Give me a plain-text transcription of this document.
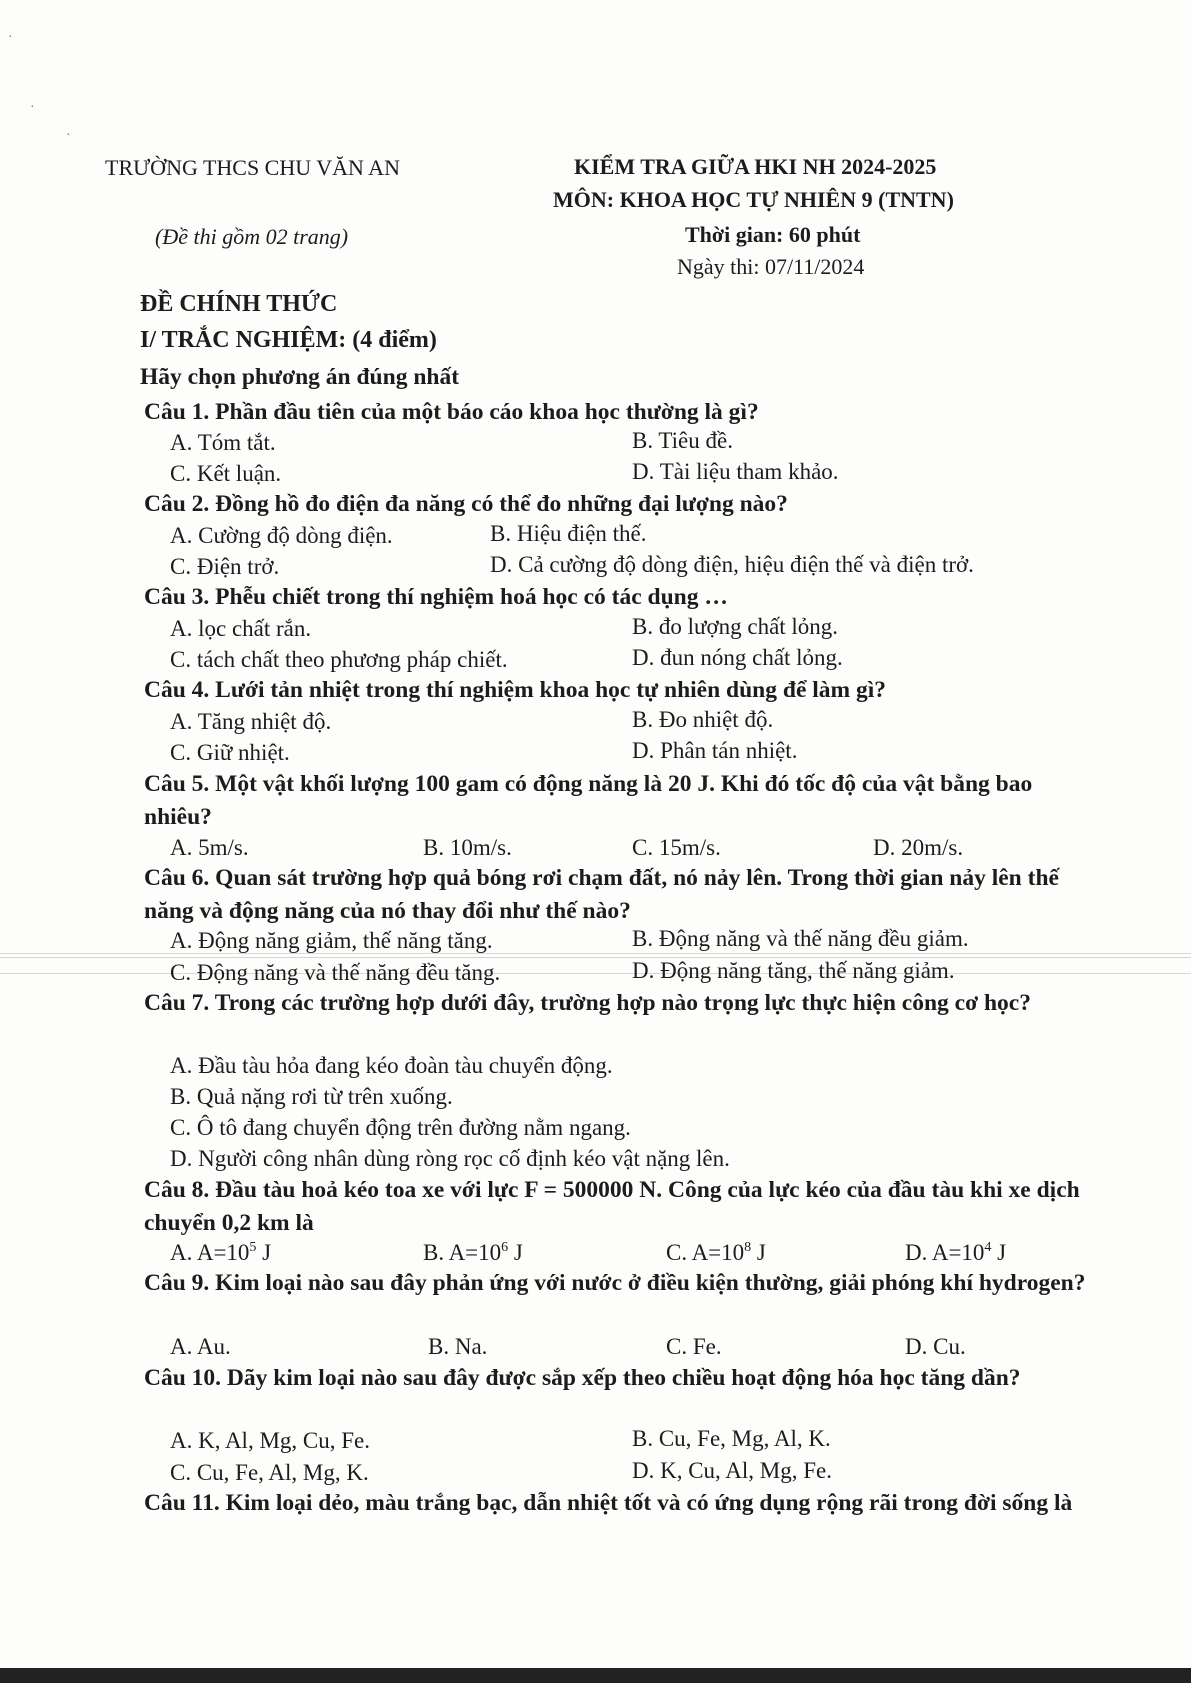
·
·
·
TRƯỜNG THCS CHU VĂN AN	KIỂM TRA GIỮA HKI NH 2024-2025
MÔN: KHOA HỌC TỰ NHIÊN 9 (TNTN)
(Đề thi gồm 02 trang)	Thời gian: 60 phút
Ngày thi: 07/11/2024
ĐỀ CHÍNH THỨC
I/ TRẮC NGHIỆM: (4 điểm)
Hãy chọn phương án đúng nhất
Câu 1. Phần đầu tiên của một báo cáo khoa học thường là gì?
A. Tóm tắt.	B. Tiêu đề.
C. Kết luận.	D. Tài liệu tham khảo.
Câu 2. Đồng hồ đo điện đa năng có thể đo những đại lượng nào?
A. Cường độ dòng điện.	B. Hiệu điện thế.
C. Điện trở.	D. Cả cường độ dòng điện, hiệu điện thế và điện trở.
Câu 3. Phễu chiết trong thí nghiệm hoá học có tác dụng …
A. lọc chất rắn.	B. đo lượng chất lỏng.
C. tách chất theo phương pháp chiết.	D. đun nóng chất lỏng.
Câu 4. Lưới tản nhiệt trong thí nghiệm khoa học tự nhiên dùng để làm gì?
A. Tăng nhiệt độ.	B. Đo nhiệt độ.
C. Giữ nhiệt.	D. Phân tán nhiệt.
Câu 5. Một vật khối lượng 100 gam có động năng là 20 J. Khi đó tốc độ của vật bằng bao nhiêu?
A. 5m/s.	B. 10m/s.	C. 15m/s.	D. 20m/s.
Câu 6. Quan sát trường hợp quả bóng rơi chạm đất, nó nảy lên. Trong thời gian nảy lên thế năng và động năng của nó thay đổi như thế nào?
A. Động năng giảm, thế năng tăng.	B. Động năng và thế năng đều giảm.
C. Động năng và thế năng đều tăng.	D. Động năng tăng, thế năng giảm.
Câu 7. Trong các trường hợp dưới đây, trường hợp nào trọng lực thực hiện công cơ học?
A. Đầu tàu hỏa đang kéo đoàn tàu chuyển động.
B. Quả nặng rơi từ trên xuống.
C. Ô tô đang chuyển động trên đường nằm ngang.
D. Người công nhân dùng ròng rọc cố định kéo vật nặng lên.
Câu 8. Đầu tàu hoả kéo toa xe với lực F = 500000 N. Công của lực kéo của đầu tàu khi xe dịch chuyển 0,2 km là
A. $A=10^5$ J	B. $A=10^6$ J	C. $A=10^8$ J	D. $A=10^4$ J
Câu 9. Kim loại nào sau đây phản ứng với nước ở điều kiện thường, giải phóng khí hydrogen?
A. Au.	B. Na.	C. Fe.	D. Cu.
Câu 10. Dãy kim loại nào sau đây được sắp xếp theo chiều hoạt động hóa học tăng dần?
A. K, Al, Mg, Cu, Fe.	B. Cu, Fe, Mg, Al, K.
C. Cu, Fe, Al, Mg, K.	D. K, Cu, Al, Mg, Fe.
Câu 11. Kim loại dẻo, màu trắng bạc, dẫn nhiệt tốt và có ứng dụng rộng rãi trong đời sống là
